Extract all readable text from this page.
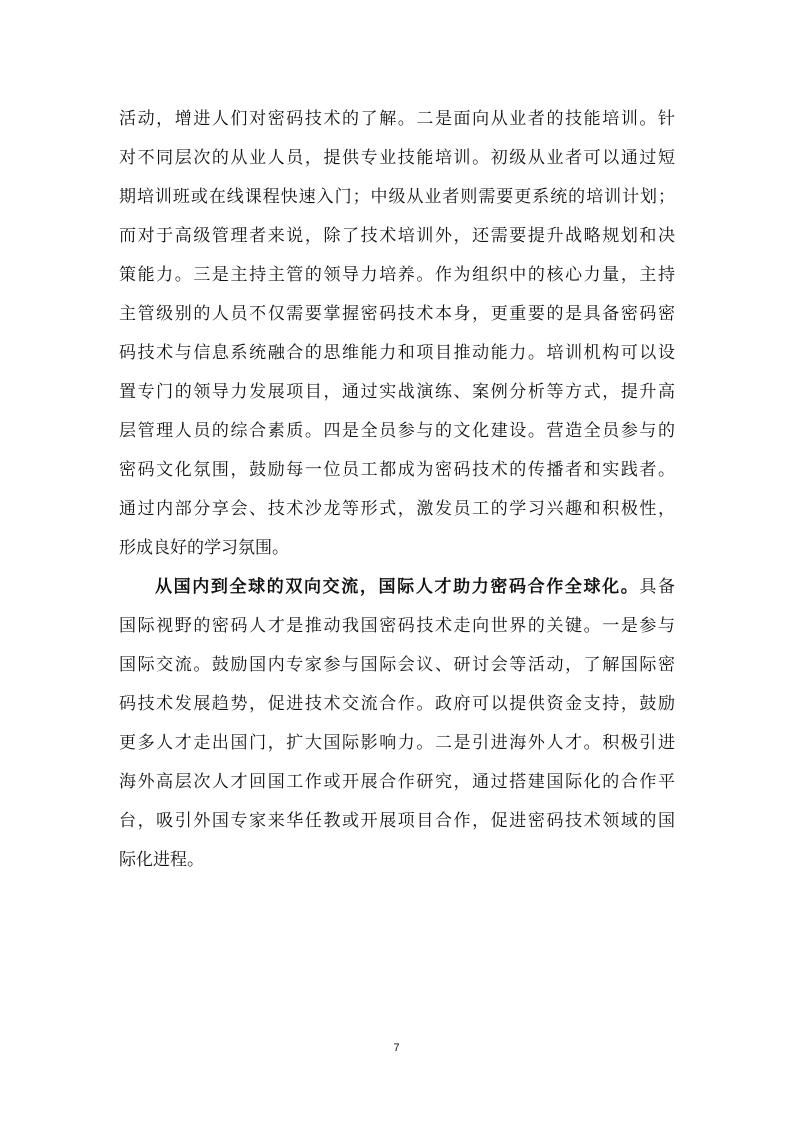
活动，增进人们对密码技术的了解。二是面向从业者的技能培训。针
对不同层次的从业人员，提供专业技能培训。初级从业者可以通过短
期培训班或在线课程快速入门；中级从业者则需要更系统的培训计划；
而对于高级管理者来说，除了技术培训外，还需要提升战略规划和决
策能力。三是主持主管的领导力培养。作为组织中的核心力量，主持
主管级别的人员不仅需要掌握密码技术本身，更重要的是具备密码密
码技术与信息系统融合的思维能力和项目推动能力。培训机构可以设
置专门的领导力发展项目，通过实战演练、案例分析等方式，提升高
层管理人员的综合素质。四是全员参与的文化建设。营造全员参与的
密码文化氛围，鼓励每一位员工都成为密码技术的传播者和实践者。
通过内部分享会、技术沙龙等形式，激发员工的学习兴趣和积极性，
形成良好的学习氛围。
从国内到全球的双向交流，国际人才助力密码合作全球化。具备
国际视野的密码人才是推动我国密码技术走向世界的关键。一是参与
国际交流。鼓励国内专家参与国际会议、研讨会等活动，了解国际密
码技术发展趋势，促进技术交流合作。政府可以提供资金支持，鼓励
更多人才走出国门，扩大国际影响力。二是引进海外人才。积极引进
海外高层次人才回国工作或开展合作研究，通过搭建国际化的合作平
台，吸引外国专家来华任教或开展项目合作，促进密码技术领域的国
际化进程。
7
